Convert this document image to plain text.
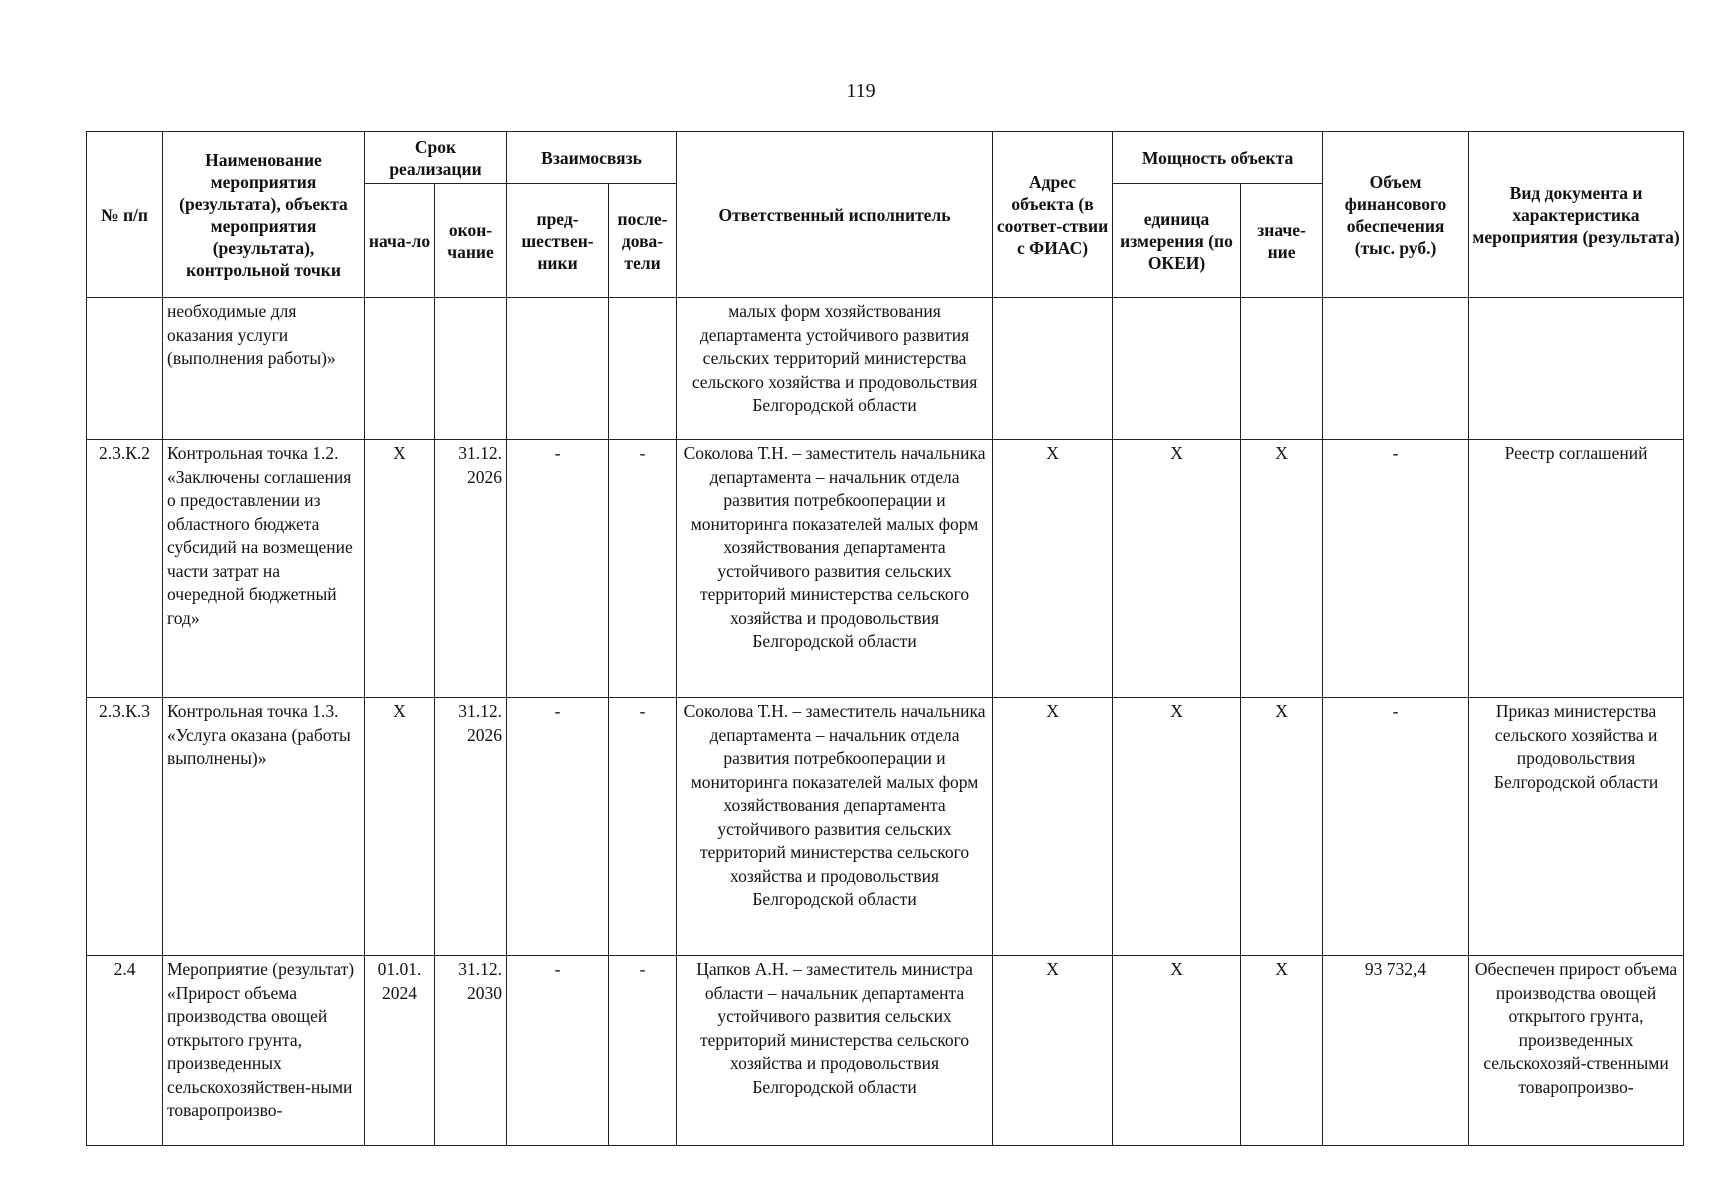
119
№ п/п	Наименование мероприятия (результата), объекта мероприятия (результата), контрольной точки	Срок реализации		Взаимосвязь		Ответственный исполнитель	Адрес объекта (в соответ-ствии с ФИАС)	Мощность объекта		Объем финансового обеспечения (тыс. руб.)	Вид документа и характеристика мероприятия (результата)
		нача-ло	окон-чание	пред-шествен-ники	после-дова-тели			единица измерения (по ОКЕИ)	значе-ние		
	необходимые для оказания услуги (выполнения работы)»					малых форм хозяйствования департамента устойчивого развития сельских территорий министерства сельского хозяйства и продовольствия Белгородской области					
2.3.К.2	Контрольная точка 1.2. «Заключены соглашения о предоставлении из областного бюджета субсидий на возмещение части затрат на очередной бюджетный год»	X	31.12. 2026	-	-	Соколова Т.Н. – заместитель начальника департамента – начальник отдела развития потребкооперации и мониторинга показателей малых форм хозяйствования департамента устойчивого развития сельских территорий министерства сельского хозяйства и продовольствия Белгородской области	X	X	X	-	Реестр соглашений
2.3.К.3	Контрольная точка 1.3. «Услуга оказана (работы выполнены)»	X	31.12. 2026	-	-	Соколова Т.Н. – заместитель начальника департамента – начальник отдела развития потребкооперации и мониторинга показателей малых форм хозяйствования департамента устойчивого развития сельских территорий министерства сельского хозяйства и продовольствия Белгородской области	X	X	X	-	Приказ министерства сельского хозяйства и продовольствия Белгородской области
2.4	Мероприятие (результат) «Прирост объема производства овощей открытого грунта, произведенных сельскохозяйствен-ными товаропроизво-	01.01. 2024	31.12. 2030	-	-	Цапков А.Н. – заместитель министра области – начальник департамента устойчивого развития сельских территорий министерства сельского хозяйства и продовольствия Белгородской области	X	X	X	93 732,4	Обеспечен прирост объема производства овощей открытого грунта, произведенных сельскохозяй-ственными товаропроизво-
